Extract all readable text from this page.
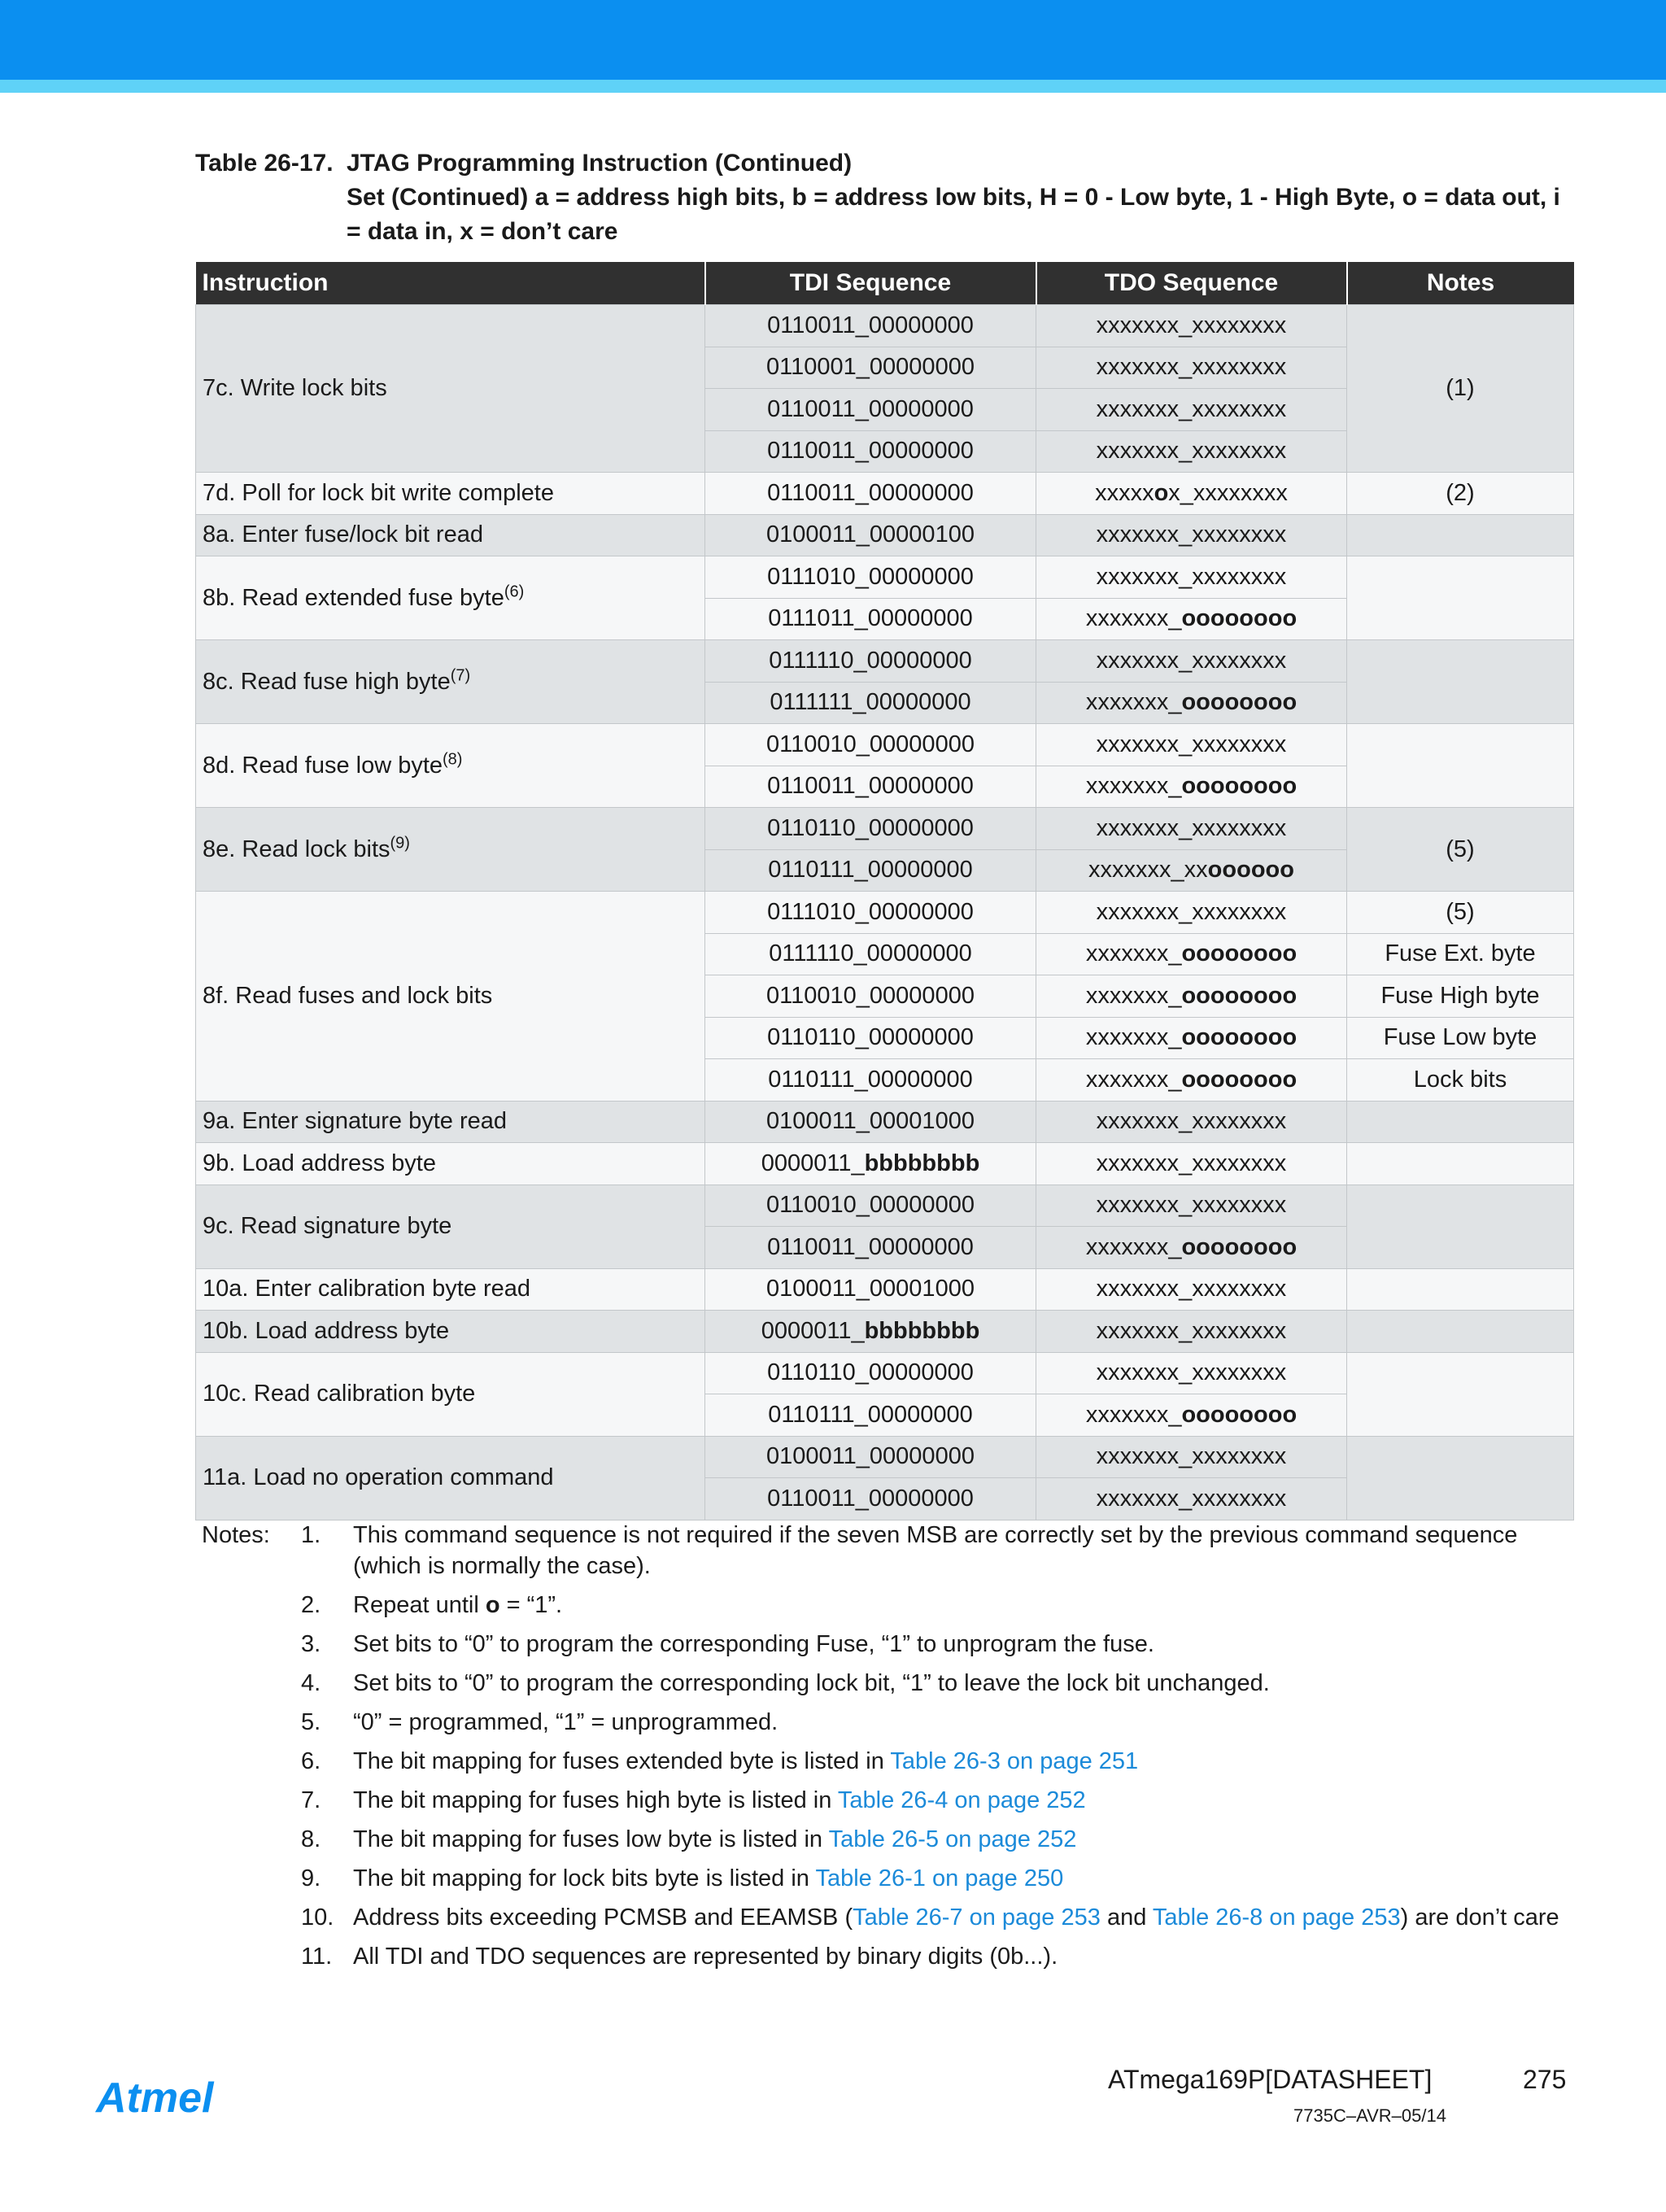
Table 26-17. JTAG Programming Instruction (Continued)
Set (Continued) a = address high bits, b = address low bits, H = 0 - Low byte, 1 - High Byte, o = data out, i = data in, x = don’t care
Instruction	TDI Sequence	TDO Sequence	Notes
7c. Write lock bits	0110011_00000000	xxxxxxx_xxxxxxxx	(1)
	0110001_00000000	xxxxxxx_xxxxxxxx	
	0110011_00000000	xxxxxxx_xxxxxxxx	
	0110011_00000000	xxxxxxx_xxxxxxxx	
7d. Poll for lock bit write complete	0110011_00000000	xxxxxox_xxxxxxxx	(2)
8a. Enter fuse/lock bit read	0100011_00000100	xxxxxxx_xxxxxxxx	
8b. Read extended fuse byte$^{(6)}$	0111010_00000000	xxxxxxx_xxxxxxxx	
	0111011_00000000	xxxxxxx_oooooooo	
8c. Read fuse high byte$^{(7)}$	0111110_00000000	xxxxxxx_xxxxxxxx	
	0111111_00000000	xxxxxxx_oooooooo	
8d. Read fuse low byte$^{(8)}$	0110010_00000000	xxxxxxx_xxxxxxxx	
	0110011_00000000	xxxxxxx_oooooooo	
8e. Read lock bits$^{(9)}$	0110110_00000000	xxxxxxx_xxxxxxxx	(5)
	0110111_00000000	xxxxxxx_xxoooooo	
8f. Read fuses and lock bits	0111010_00000000	xxxxxxx_xxxxxxxx	(5)
	0111110_00000000	xxxxxxx_oooooooo	Fuse Ext. byte
	0110010_00000000	xxxxxxx_oooooooo	Fuse High byte
	0110110_00000000	xxxxxxx_oooooooo	Fuse Low byte
	0110111_00000000	xxxxxxx_oooooooo	Lock bits
9a. Enter signature byte read	0100011_00001000	xxxxxxx_xxxxxxxx	
9b. Load address byte	0000011_bbbbbbbb	xxxxxxx_xxxxxxxx	
9c. Read signature byte	0110010_00000000	xxxxxxx_xxxxxxxx	
	0110011_00000000	xxxxxxx_oooooooo	
10a. Enter calibration byte read	0100011_00001000	xxxxxxx_xxxxxxxx	
10b. Load address byte	0000011_bbbbbbbb	xxxxxxx_xxxxxxxx	
10c. Read calibration byte	0110110_00000000	xxxxxxx_xxxxxxxx	
	0110111_00000000	xxxxxxx_oooooooo	
11a. Load no operation command	0100011_00000000	xxxxxxx_xxxxxxxx	
	0110011_00000000	xxxxxxx_xxxxxxxx	
Notes: 1. This command sequence is not required if the seven MSB are correctly set by the previous command sequence (which is normally the case).
2. Repeat until o = “1”.
3. Set bits to “0” to program the corresponding Fuse, “1” to unprogram the fuse.
4. Set bits to “0” to program the corresponding lock bit, “1” to leave the lock bit unchanged.
5. “0” = programmed, “1” = unprogrammed.
6. The bit mapping for fuses extended byte is listed in Table 26-3 on page 251
7. The bit mapping for fuses high byte is listed in Table 26-4 on page 252
8. The bit mapping for fuses low byte is listed in Table 26-5 on page 252
9. The bit mapping for lock bits byte is listed in Table 26-1 on page 250
10. Address bits exceeding PCMSB and EEAMSB (Table 26-7 on page 253 and Table 26-8 on page 253) are don’t care
11. All TDI and TDO sequences are represented by binary digits (0b...).
Atmel	ATmega169P[DATASHEET]	275
7735C–AVR–05/14
